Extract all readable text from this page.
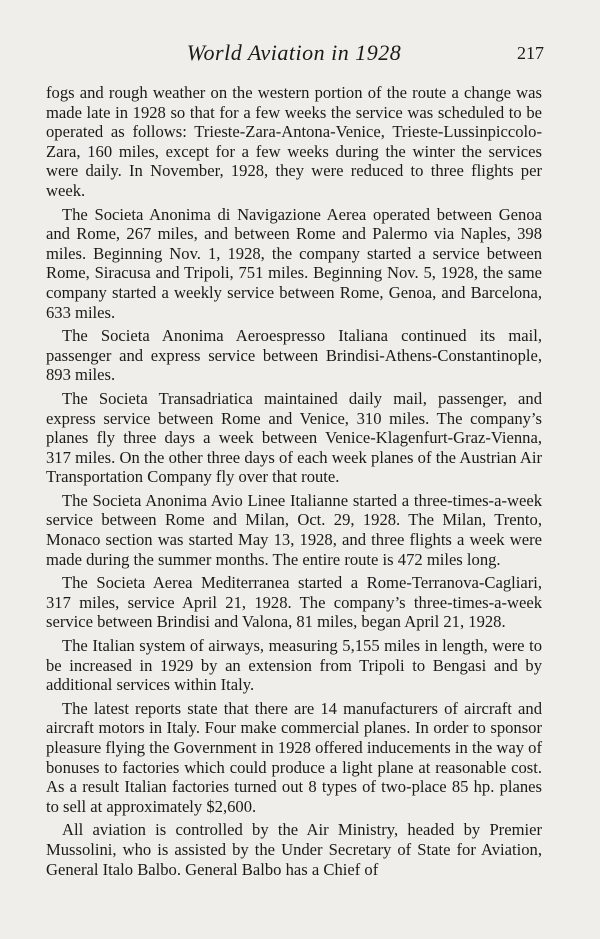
World Aviation in 1928	217

fogs and rough weather on the western portion of the route a change was made late in 1928 so that for a few weeks the service was scheduled to be operated as follows: Trieste-Zara-Antona-Venice, Trieste-Lussinpiccolo-Zara, 160 miles, except for a few weeks during the winter the services were daily. In November, 1928, they were reduced to three flights per week.

The Societa Anonima di Navigazione Aerea operated between Genoa and Rome, 267 miles, and between Rome and Palermo via Naples, 398 miles. Beginning Nov. 1, 1928, the company started a service between Rome, Siracusa and Tripoli, 751 miles. Beginning Nov. 5, 1928, the same company started a weekly service between Rome, Genoa, and Barcelona, 633 miles.

The Societa Anonima Aeroespresso Italiana continued its mail, passenger and express service between Brindisi-Athens-Constantinople, 893 miles.

The Societa Transadriatica maintained daily mail, passenger, and express service between Rome and Venice, 310 miles. The company’s planes fly three days a week between Venice-Klagenfurt-Graz-Vienna, 317 miles. On the other three days of each week planes of the Austrian Air Transportation Company fly over that route.

The Societa Anonima Avio Linee Italianne started a three-times-a-week service between Rome and Milan, Oct. 29, 1928. The Milan, Trento, Monaco section was started May 13, 1928, and three flights a week were made during the summer months. The entire route is 472 miles long.

The Societa Aerea Mediterranea started a Rome-Terranova-Cagliari, 317 miles, service April 21, 1928. The company’s three-times-a-week service between Brindisi and Valona, 81 miles, began April 21, 1928.

The Italian system of airways, measuring 5,155 miles in length, were to be increased in 1929 by an extension from Tripoli to Bengasi and by additional services within Italy.

The latest reports state that there are 14 manufacturers of aircraft and aircraft motors in Italy. Four make commercial planes. In order to sponsor pleasure flying the Government in 1928 offered inducements in the way of bonuses to factories which could produce a light plane at reasonable cost. As a result Italian factories turned out 8 types of two-place 85 hp. planes to sell at approximately $2,600.

All aviation is controlled by the Air Ministry, headed by Premier Mussolini, who is assisted by the Under Secretary of State for Aviation, General Italo Balbo. General Balbo has a Chief of
